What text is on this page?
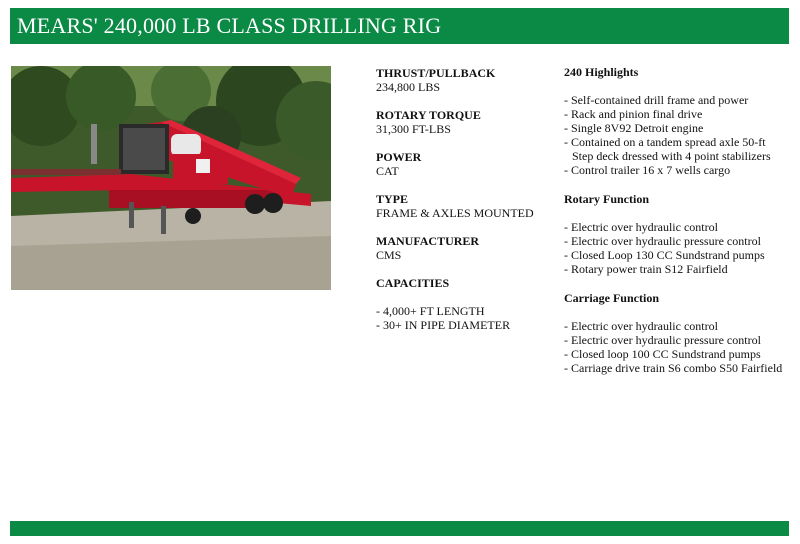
MEARS' 240,000 LB CLASS DRILLING RIG
THRUST/PULLBACK
234,800 LBS
ROTARY TORQUE
31,300 FT-LBS
POWER
CAT
TYPE
FRAME & AXLES MOUNTED
MANUFACTURER
CMS
CAPACITIES
- 4,000+ FT LENGTH
- 30+ IN PIPE DIAMETER
240 Highlights
- Self-contained drill frame and power
- Rack and pinion final drive
- Single 8V92 Detroit engine
- Contained on a tandem spread axle 50-ft Step deck dressed with 4 point stabilizers
- Control trailer 16 x 7 wells cargo
Rotary Function
- Electric over hydraulic control
- Electric over hydraulic pressure control
- Closed Loop 130 CC Sundstrand pumps
- Rotary power train S12 Fairfield
Carriage Function
- Electric over hydraulic control
- Electric over hydraulic pressure control
- Closed loop 100 CC Sundstrand pumps
- Carriage drive train S6 combo S50 Fairfield
